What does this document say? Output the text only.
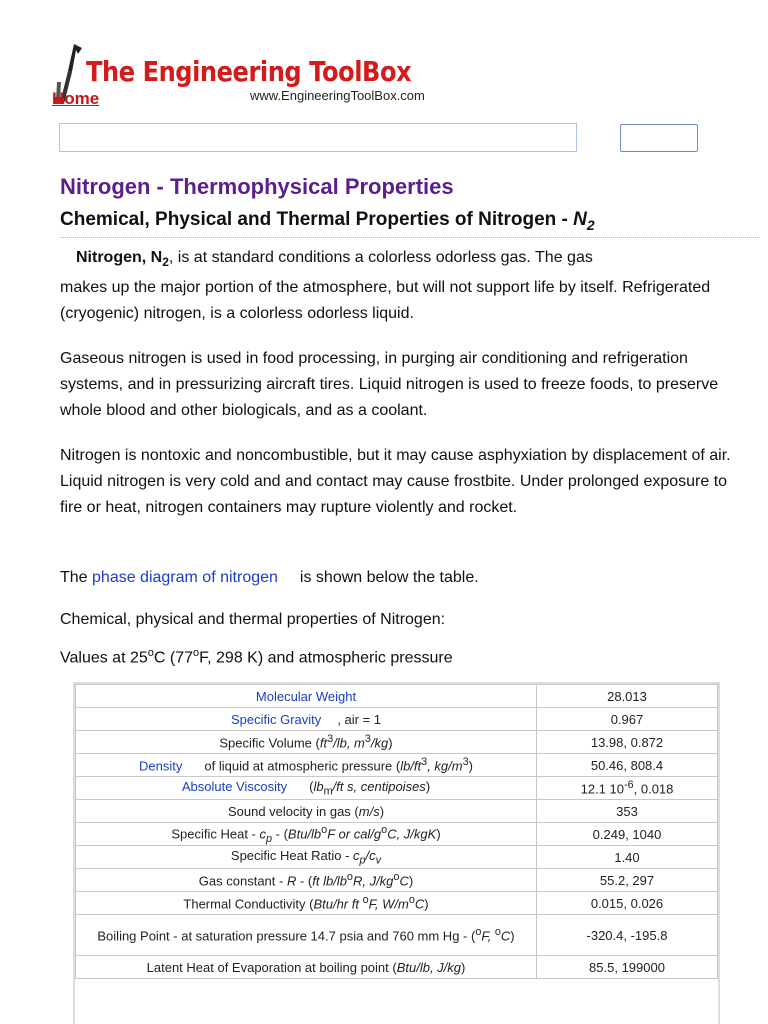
The Engineering ToolBox
Home	www.EngineeringToolBox.com
Nitrogen - Thermophysical Properties
Chemical, Physical and Thermal Properties of Nitrogen - $N_2$
Nitrogen, $N_2$, is at standard conditions a colorless odorless gas. The gas
makes up the major portion of the atmosphere, but will not support life by itself. Refrigerated (cryogenic) nitrogen, is a colorless odorless liquid.
Gaseous nitrogen is used in food processing, in purging air conditioning and refrigeration systems, and in pressurizing aircraft tires. Liquid nitrogen is used to freeze foods, to preserve whole blood and other biologicals, and as a coolant.
Nitrogen is nontoxic and noncombustible, but it may cause asphyxiation by displacement of air. Liquid nitrogen is very cold and and contact may cause frostbite. Under prolonged exposure to fire or heat, nitrogen containers may rupture violently and rocket.
The phase diagram of nitrogen is shown below the table.
Chemical, physical and thermal properties of Nitrogen:
Values at 25$^o$C (77$^o$F, 298 K) and atmospheric pressure
Molecular Weight	28.013
Specific Gravity , air = 1	0.967
Specific Volume ($ft^3/lb$, $m^3/kg$)	13.98, 0.872
Density of liquid at atmospheric pressure ($lb/ft^3$, $kg/m^3$)	50.46, 808.4
Absolute Viscosity ($lb_m/ft$ s, centipoises)	12.1 $10^{-6}$, 0.018
Sound velocity in gas (m/s)	353
Specific Heat - $c_p - (Btu/lb^oF$ or cal/$g^oC$, J/kgK)	0.249, 1040
Specific Heat Ratio - $c_p/c_v$	1.40
Gas constant - R - (ft $lb/lb^oR$, $J/kg^oC$)	55.2, 297
Thermal Conductivity (Btu/hr ft $^o$F, $W/m^oC$)	0.015, 0.026
Boiling Point - at saturation pressure 14.7 psia and 760 mm Hg - ($^o$F, $^o$C)	-320.4, -195.8
Latent Heat of Evaporation at boiling point (Btu/lb, J/kg)	85.5, 199000
